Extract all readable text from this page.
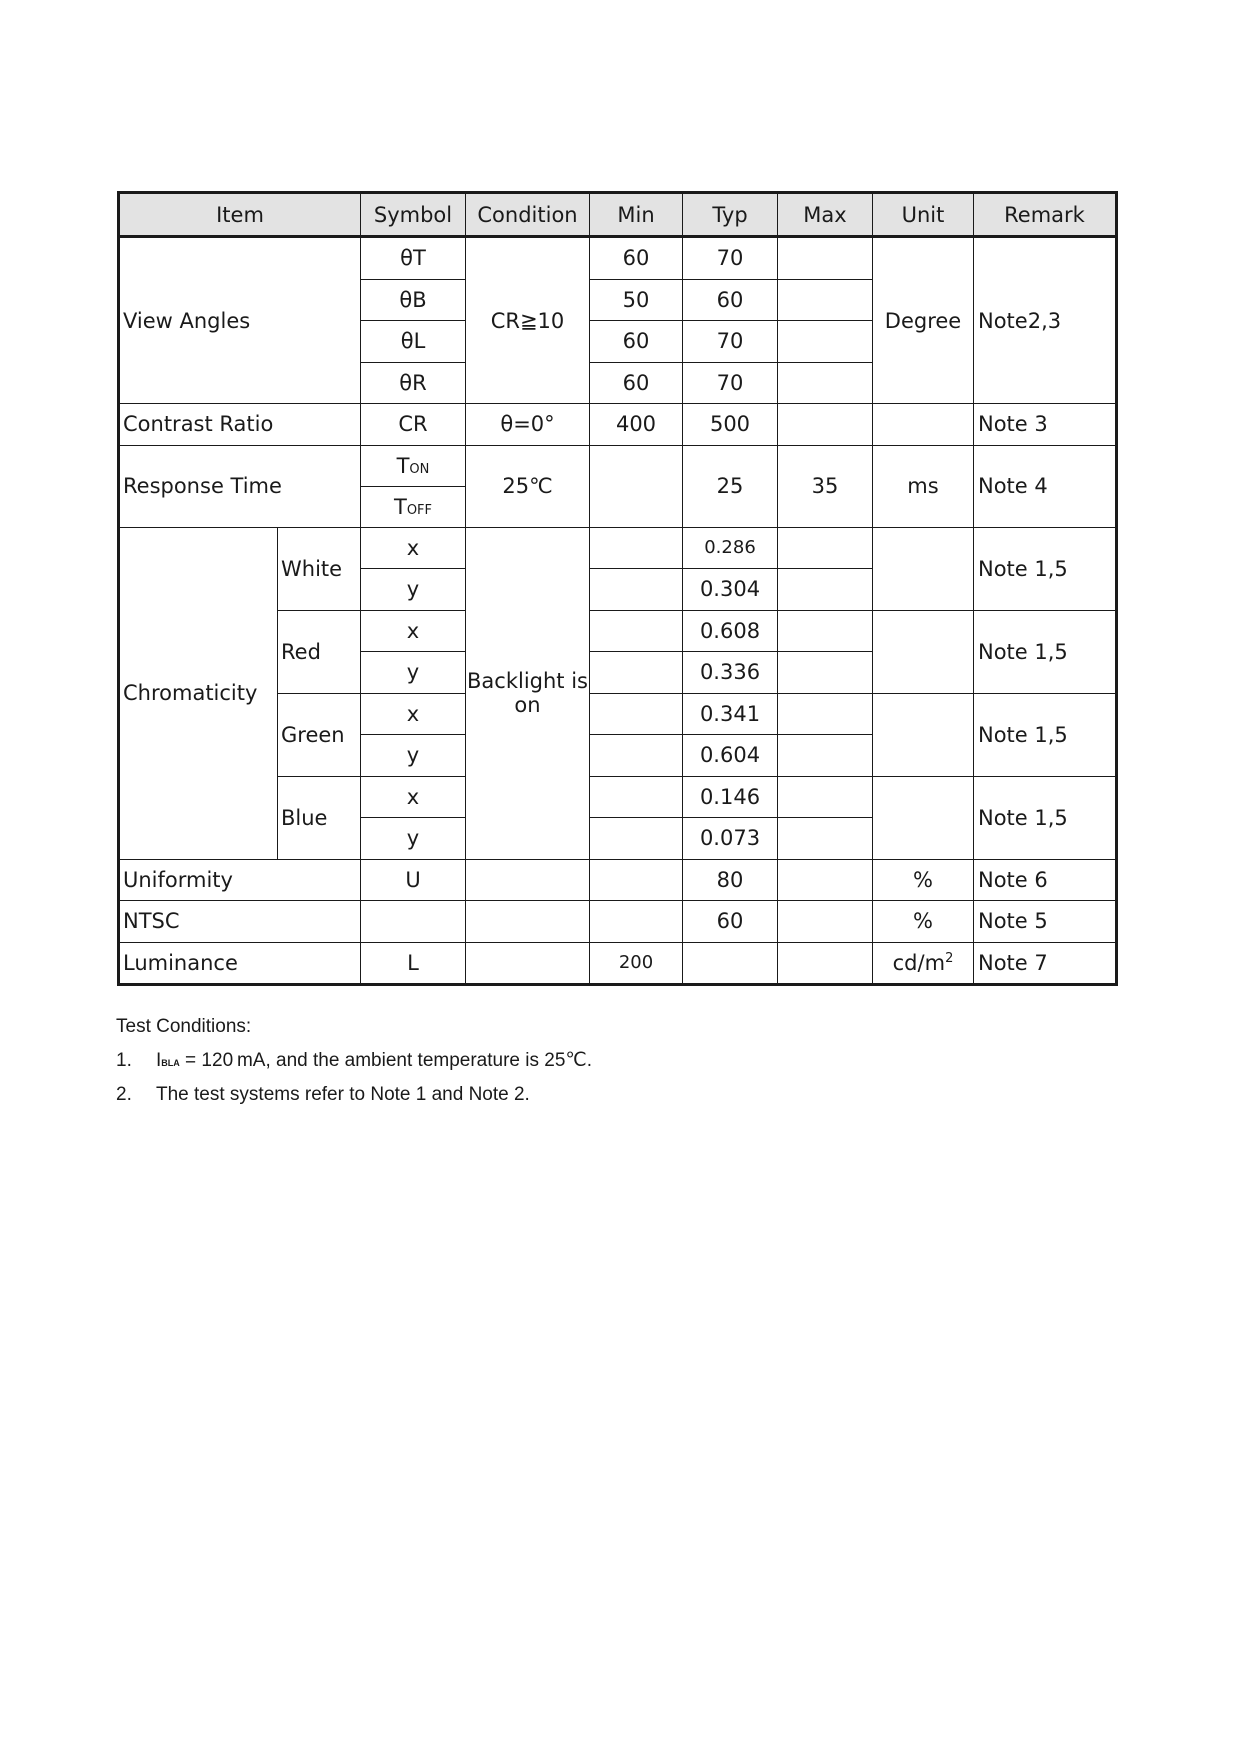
Item		Symbol	Condition	Min	Typ	Max	Unit	Remark
View Angles		θT	CR≧10	60	70		Degree	Note2,3
		θB		50	60			
		θL		60	70			
		θR		60	70			
Contrast Ratio		CR	θ=0°	400	500			Note 3
Response Time		TON	25℃		25	35	ms	Note 4
		TOFF						
Chromaticity	White	x	Backlight is on		0.286			Note 1,5
		y			0.304			
	Red	x			0.608			Note 1,5
		y			0.336			
	Green	x			0.341			Note 1,5
		y			0.604			
	Blue	x			0.146			Note 1,5
		y			0.073			
Uniformity		U			80		%	Note 6
NTSC					60		%	Note 5
Luminance		L		200			$cd/m^2$	Note 7
Test Conditions:
1. IBLA = 120 mA, and the ambient temperature is 25℃.
2. The test systems refer to Note 1 and Note 2.
